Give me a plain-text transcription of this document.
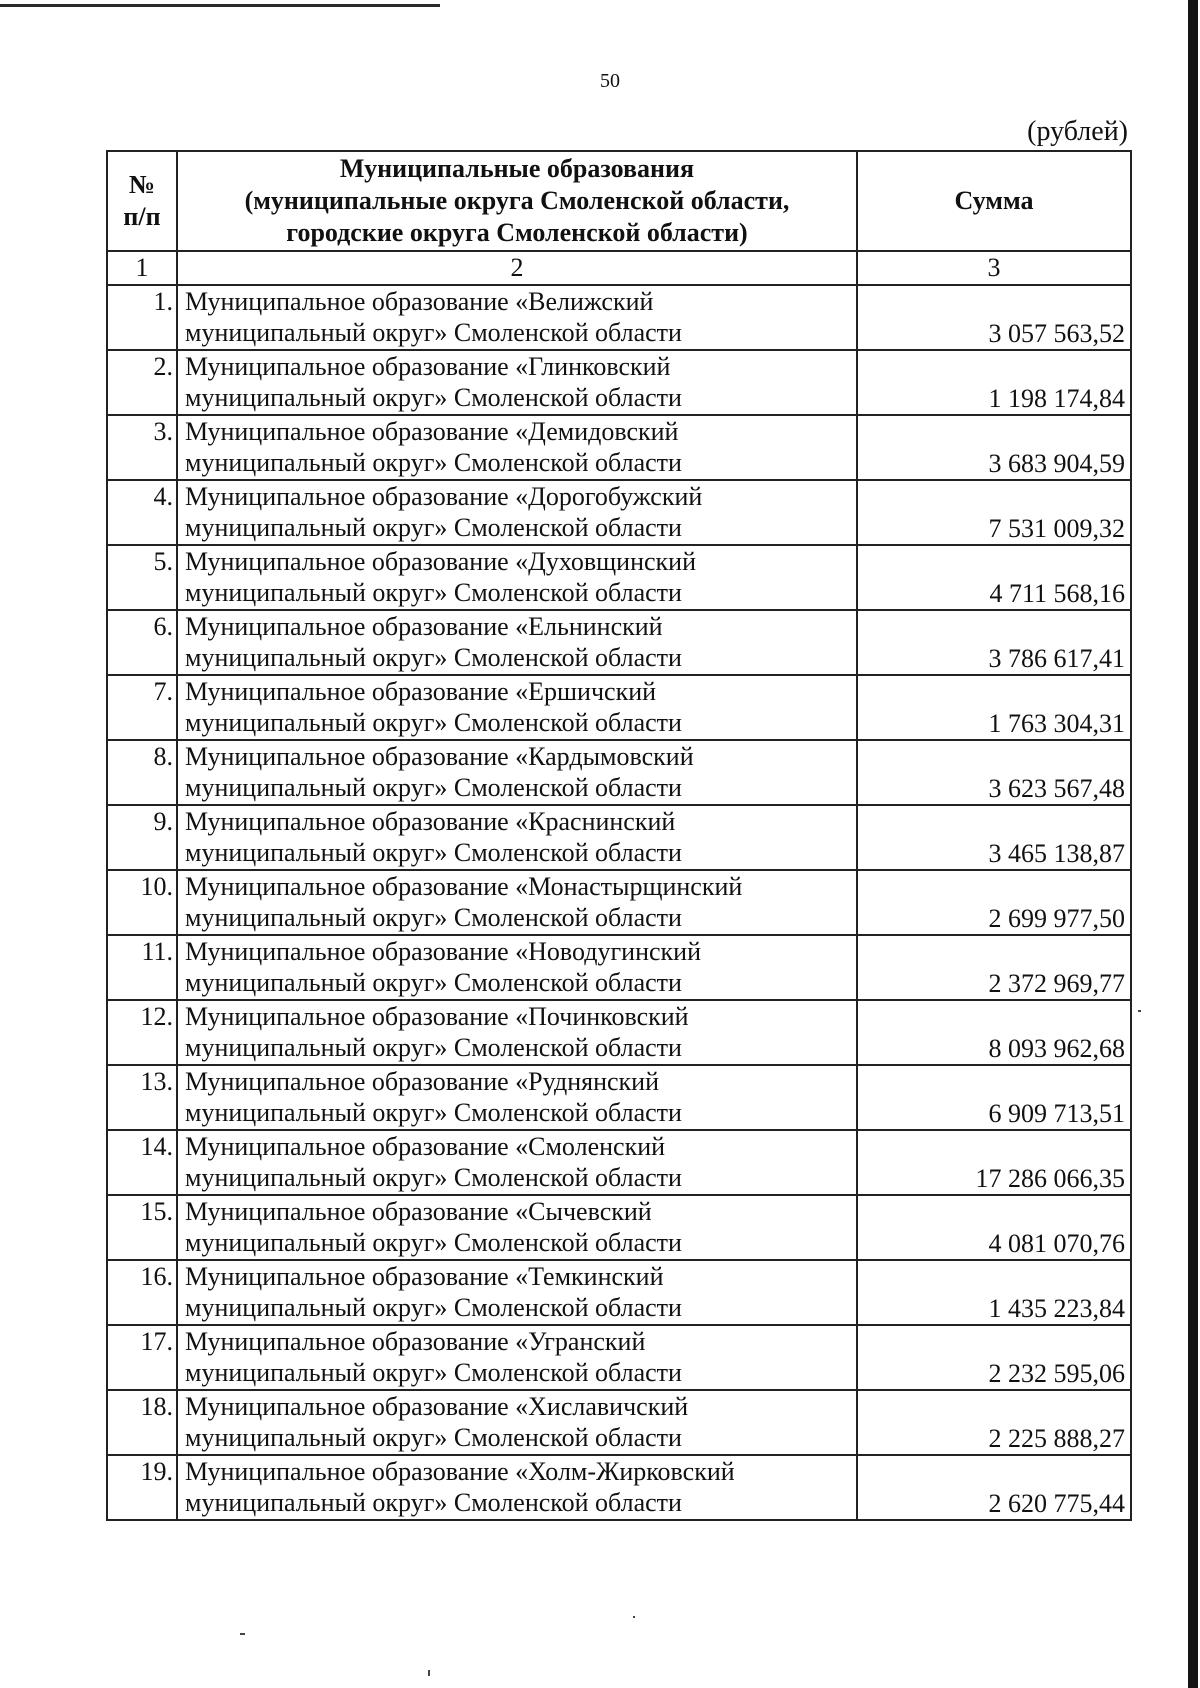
50
(рублей)
№
п/п	Муниципальные образования
(муниципальные округа Смоленской области,
городские округа Смоленской области)	Сумма
1	2	3
1.	Муниципальное образование «Велижский
муниципальный округ» Смоленской области	3 057 563,52
2.	Муниципальное образование «Глинковский
муниципальный округ» Смоленской области	1 198 174,84
3.	Муниципальное образование «Демидовский
муниципальный округ» Смоленской области	3 683 904,59
4.	Муниципальное образование «Дорогобужский
муниципальный округ» Смоленской области	7 531 009,32
5.	Муниципальное образование «Духовщинский
муниципальный округ» Смоленской области	4 711 568,16
6.	Муниципальное образование «Ельнинский
муниципальный округ» Смоленской области	3 786 617,41
7.	Муниципальное образование «Ершичский
муниципальный округ» Смоленской области	1 763 304,31
8.	Муниципальное образование «Кардымовский
муниципальный округ» Смоленской области	3 623 567,48
9.	Муниципальное образование «Краснинский
муниципальный округ» Смоленской области	3 465 138,87
10.	Муниципальное образование «Монастырщинский
муниципальный округ» Смоленской области	2 699 977,50
11.	Муниципальное образование «Новодугинский
муниципальный округ» Смоленской области	2 372 969,77
12.	Муниципальное образование «Починковский
муниципальный округ» Смоленской области	8 093 962,68
13.	Муниципальное образование «Руднянский
муниципальный округ» Смоленской области	6 909 713,51
14.	Муниципальное образование «Смоленский
муниципальный округ» Смоленской области	17 286 066,35
15.	Муниципальное образование «Сычевский
муниципальный округ» Смоленской области	4 081 070,76
16.	Муниципальное образование «Темкинский
муниципальный округ» Смоленской области	1 435 223,84
17.	Муниципальное образование «Угранский
муниципальный округ» Смоленской области	2 232 595,06
18.	Муниципальное образование «Хиславичский
муниципальный округ» Смоленской области	2 225 888,27
19.	Муниципальное образование «Холм-Жирковский
муниципальный округ» Смоленской области	2 620 775,44
